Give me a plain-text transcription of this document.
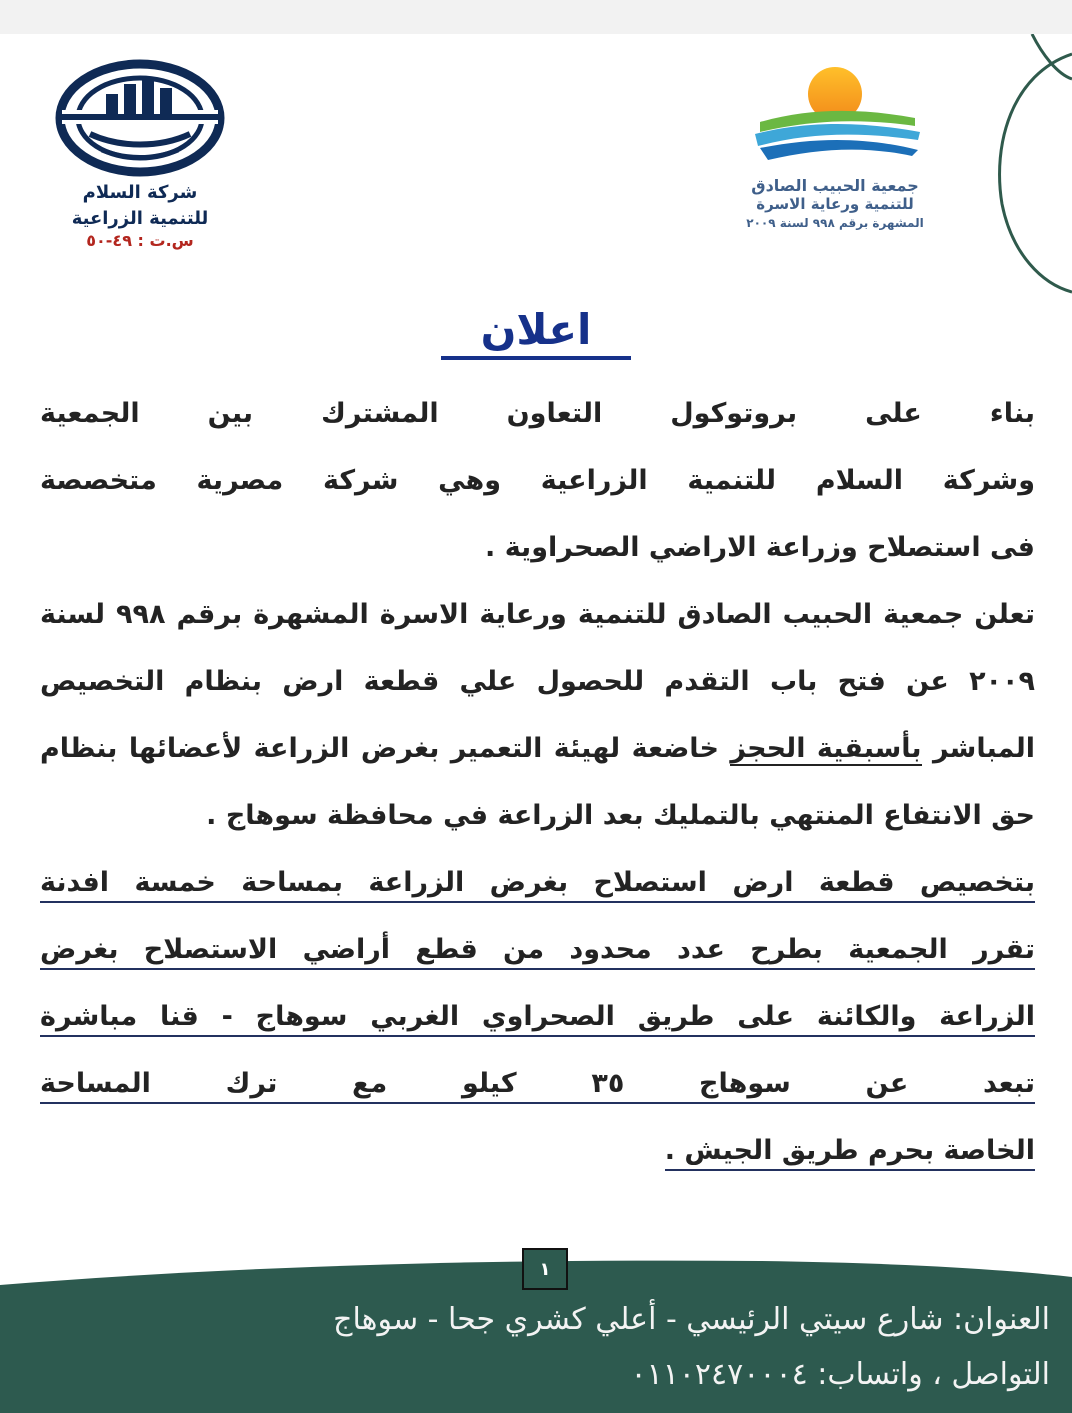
جمعية الحبيب الصادق
للتنمية ورعاية الاسرة
المشهرة برقم ٩٩٨ لسنة ٢٠٠٩
شركة السلام
للتنمية الزراعية
س.ت : ٤٩-٥٠
اعلان
بناء على بروتوكول التعاون المشترك بين الجمعية
وشركة السلام للتنمية الزراعية وهي شركة مصرية متخصصة
فى استصلاح وزراعة الاراضي الصحراوية .
تعلن جمعية الحبيب الصادق للتنمية ورعاية الاسرة المشهرة برقم ٩٩٨ لسنة
٢٠٠٩ عن فتح باب التقدم للحصول علي قطعة ارض بنظام التخصيص
المباشر بأسبقية الحجز خاضعة لهيئة التعمير بغرض الزراعة لأعضائها بنظام
حق الانتفاع المنتهي بالتمليك بعد الزراعة في محافظة سوهاج .
بتخصيص قطعة ارض استصلاح بغرض الزراعة بمساحة خمسة افدنة
تقرر الجمعية بطرح عدد محدود من قطع أراضي الاستصلاح بغرض
الزراعة والكائنة على طريق الصحراوي الغربي سوهاج - قنا مباشرة
تبعد عن سوهاج ٣٥ كيلو مع ترك المساحة
الخاصة بحرم طريق الجيش .
١
العنوان: شارع سيتي الرئيسي - أعلي كشري جحا - سوهاج
التواصل ، واتساب: ٠١١٠٢٤٧٠٠٠٤
